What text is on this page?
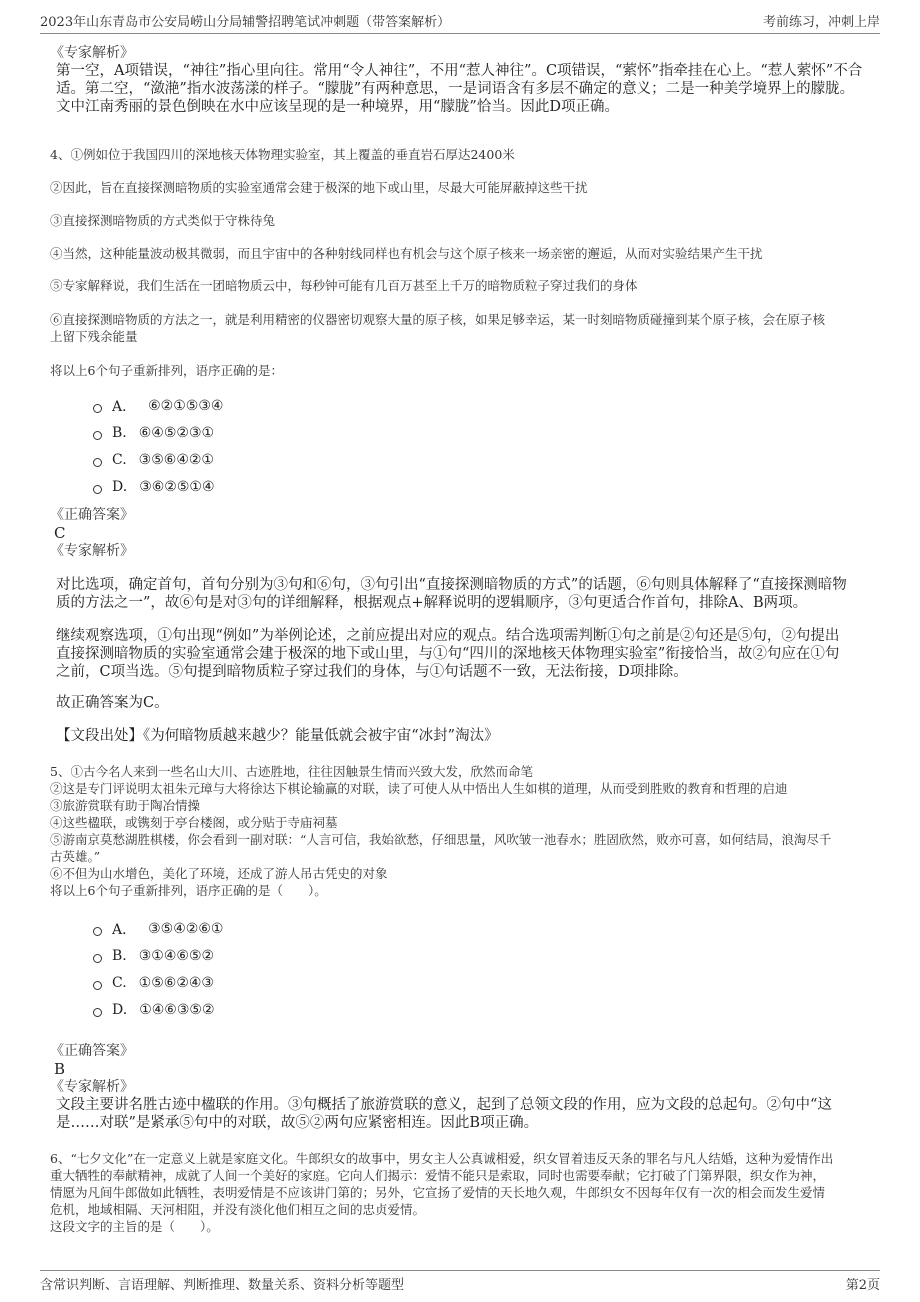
2023年山东青岛市公安局崂山分局辅警招聘笔试冲刺题（带答案解析）	考前练习，冲刺上岸
《专家解析》

第一空，A项错误，“神往”指心里向往。常用“令人神往”，不用“惹人神往”。C项错误，“萦怀”指牵挂在心上。“惹人萦怀”不合

适。第二空，“潋滟”指水波荡漾的样子。“朦胧”有两种意思，一是词语含有多层不确定的意义；二是一种美学境界上的朦胧。

文中江南秀丽的景色倒映在水中应该呈现的是一种境界，用“朦胧”恰当。因此D项正确。

4、①例如位于我国四川的深地核天体物理实验室，其上覆盖的垂直岩石厚达2400米

②因此，旨在直接探测暗物质的实验室通常会建于极深的地下或山里，尽最大可能屏蔽掉这些干扰

③直接探测暗物质的方式类似于守株待兔

④当然，这种能量波动极其微弱，而且宇宙中的各种射线同样也有机会与这个原子核来一场亲密的邂逅，从而对实验结果产生干扰

⑤专家解释说，我们生活在一团暗物质云中，每秒钟可能有几百万甚至上千万的暗物质粒子穿过我们的身体

⑥直接探测暗物质的方法之一，就是利用精密的仪器密切观察大量的原子核，如果足够幸运，某一时刻暗物质碰撞到某个原子核，会在原子核

上留下残余能量

将以上6个句子重新排列，语序正确的是：

A． ⑥②①⑤③④
B. ⑥④⑤②③①
C. ③⑤⑥④②①
D. ③⑥②⑤①④
《正确答案》
C
《专家解析》

对比选项，确定首句，首句分别为③句和⑥句，③句引出“直接探测暗物质的方式”的话题，⑥句则具体解释了“直接探测暗物

质的方法之一”，故⑥句是对③句的详细解释，根据观点+解释说明的逻辑顺序，③句更适合作首句，排除A、B两项。

继续观察选项，①句出现“例如”为举例论述，之前应提出对应的观点。结合选项需判断①句之前是②句还是⑤句，②句提出

直接探测暗物质的实验室通常会建于极深的地下或山里，与①句“四川的深地核天体物理实验室”衔接恰当，故②句应在①句

之前，C项当选。⑤句提到暗物质粒子穿过我们的身体，与①句话题不一致，无法衔接，D项排除。

故正确答案为C。

【文段出处】《为何暗物质越来越少？能量低就会被宇宙“冰封”淘汰》

5、①古今名人来到一些名山大川、古迹胜地，往往因触景生情而兴致大发，欣然而命笔

②这是专门评说明太祖朱元璋与大将徐达下棋论输赢的对联，读了可使人从中悟出人生如棋的道理，从而受到胜败的教育和哲理的启迪

③旅游赏联有助于陶冶情操

④这些楹联，或镌刻于亭台楼阁，或分贴于寺庙祠墓

⑤游南京莫愁湖胜棋楼，你会看到一副对联：“人言可信，我始欲愁，仔细思量，风吹皱一池春水；胜固欣然，败亦可喜，如何结局，浪淘尽千

古英雄。”

⑥不但为山水增色，美化了环境，还成了游人吊古凭史的对象

将以上6个句子重新排列，语序正确的是（　　）。

A． ③⑤④②⑥①
B. ③①④⑥⑤②
C. ①⑤⑥②④③
D. ①④⑥③⑤②
《正确答案》
B
《专家解析》

文段主要讲名胜古迹中楹联的作用。③句概括了旅游赏联的意义，起到了总领文段的作用，应为文段的总起句。②句中“这

是……对联”是紧承⑤句中的对联，故⑤②两句应紧密相连。因此B项正确。

6、“七夕文化”在一定意义上就是家庭文化。牛郎织女的故事中，男女主人公真诚相爱，织女冒着违反天条的罪名与凡人结婚，这种为爱情作出

重大牺牲的奉献精神，成就了人间一个美好的家庭。它向人们揭示：爱情不能只是索取，同时也需要奉献；它打破了门第界限，织女作为神，

情愿为凡间牛郎做如此牺牲，表明爱情是不应该讲门第的；另外，它宣扬了爱情的天长地久观，牛郎织女不因每年仅有一次的相会而发生爱情

危机，地域相隔、天河相阻，并没有淡化他们相互之间的忠贞爱情。

这段文字的主旨的是（　　）。

含常识判断、言语理解、判断推理、数量关系、资料分析等题型	第2页
